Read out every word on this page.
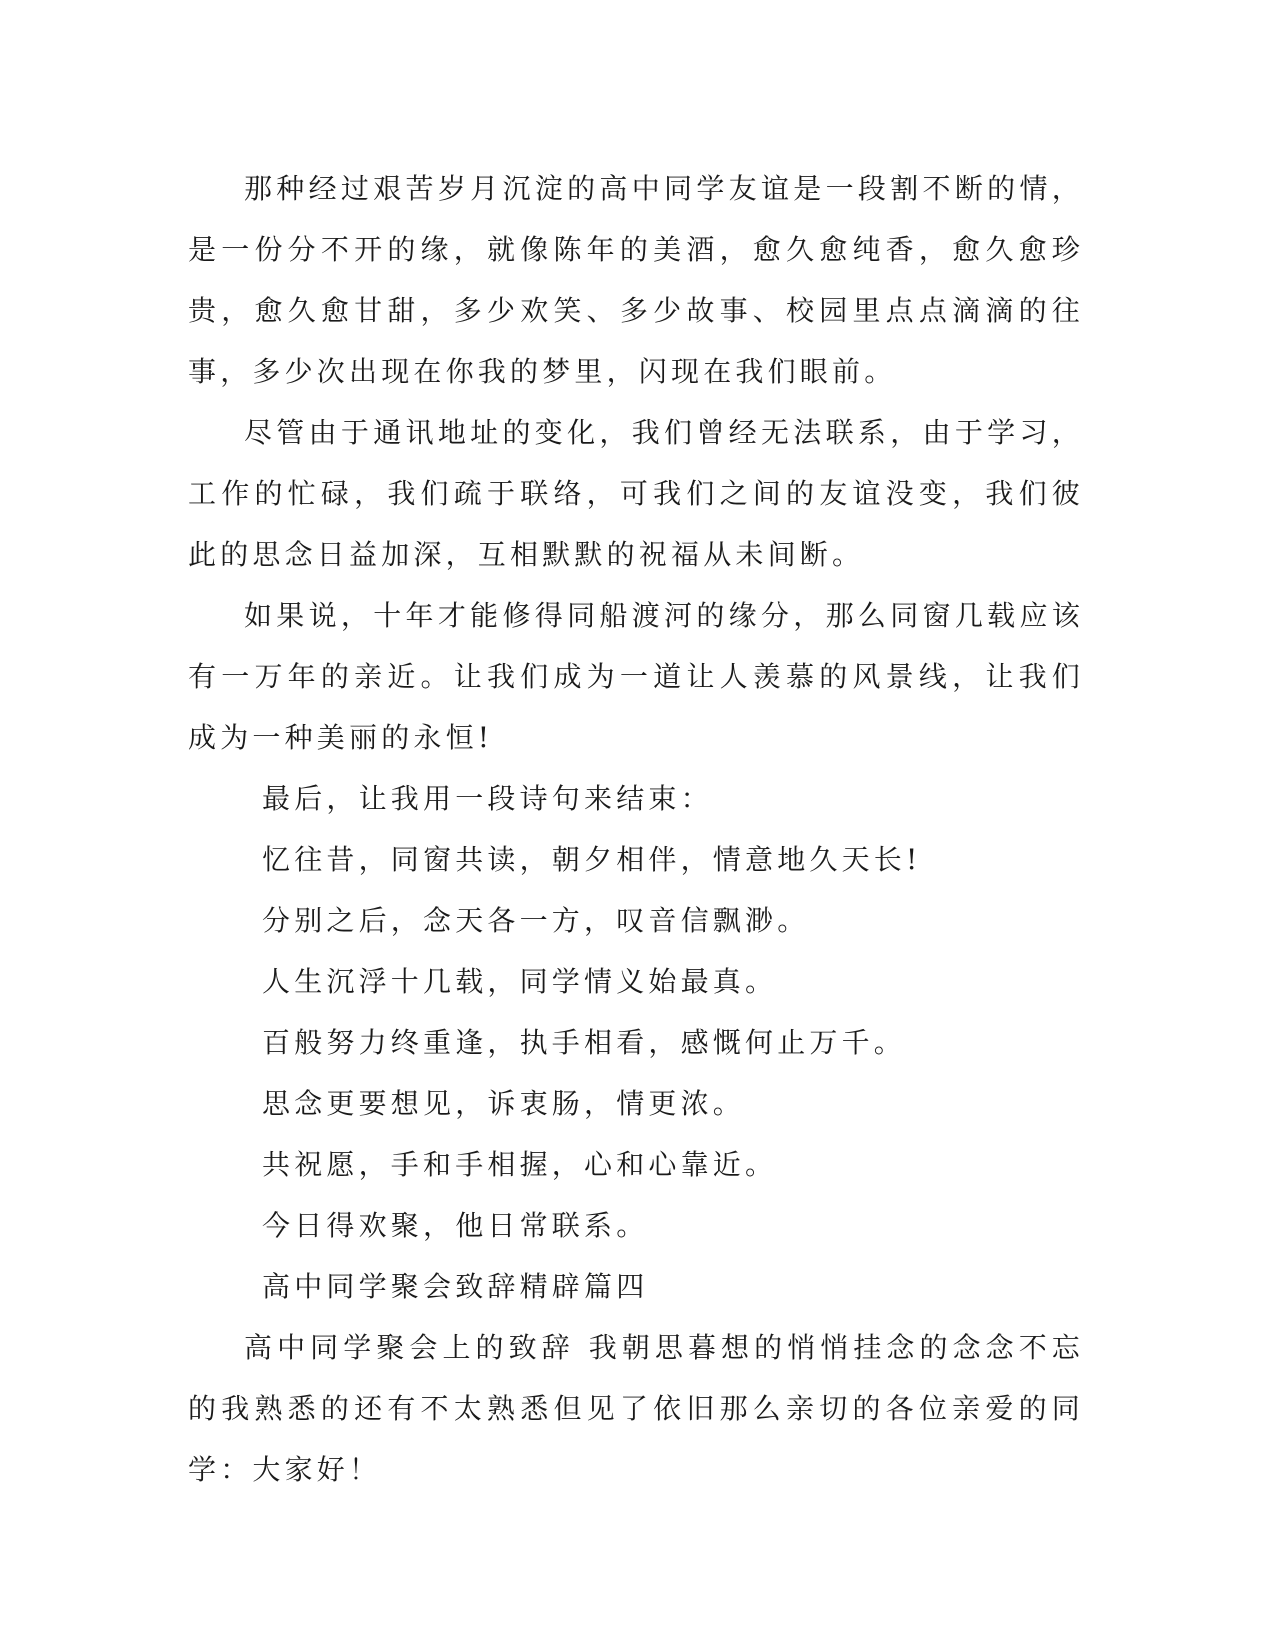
那种经过艰苦岁月沉淀的高中同学友谊是一段割不断的情，是一份分不开的缘，就像陈年的美酒，愈久愈纯香，愈久愈珍贵，愈久愈甘甜，多少欢笑、多少故事、校园里点点滴滴的往事，多少次出现在你我的梦里，闪现在我们眼前。

尽管由于通讯地址的变化，我们曾经无法联系，由于学习，工作的忙碌，我们疏于联络，可我们之间的友谊没变，我们彼此的思念日益加深，互相默默的祝福从未间断。

如果说，十年才能修得同船渡河的缘分，那么同窗几载应该有一万年的亲近。让我们成为一道让人羡慕的风景线，让我们成为一种美丽的永恒!

最后，让我用一段诗句来结束：

忆往昔，同窗共读，朝夕相伴，情意地久天长!

分别之后，念天各一方，叹音信飘渺。

人生沉浮十几载，同学情义始最真。

百般努力终重逢，执手相看，感慨何止万千。

思念更要想见，诉衷肠，情更浓。

共祝愿，手和手相握，心和心靠近。

今日得欢聚，他日常联系。

高中同学聚会致辞精辟篇四

高中同学聚会上的致辞 我朝思暮想的悄悄挂念的念念不忘的我熟悉的还有不太熟悉但见了依旧那么亲切的各位亲爱的同学：大家好！
